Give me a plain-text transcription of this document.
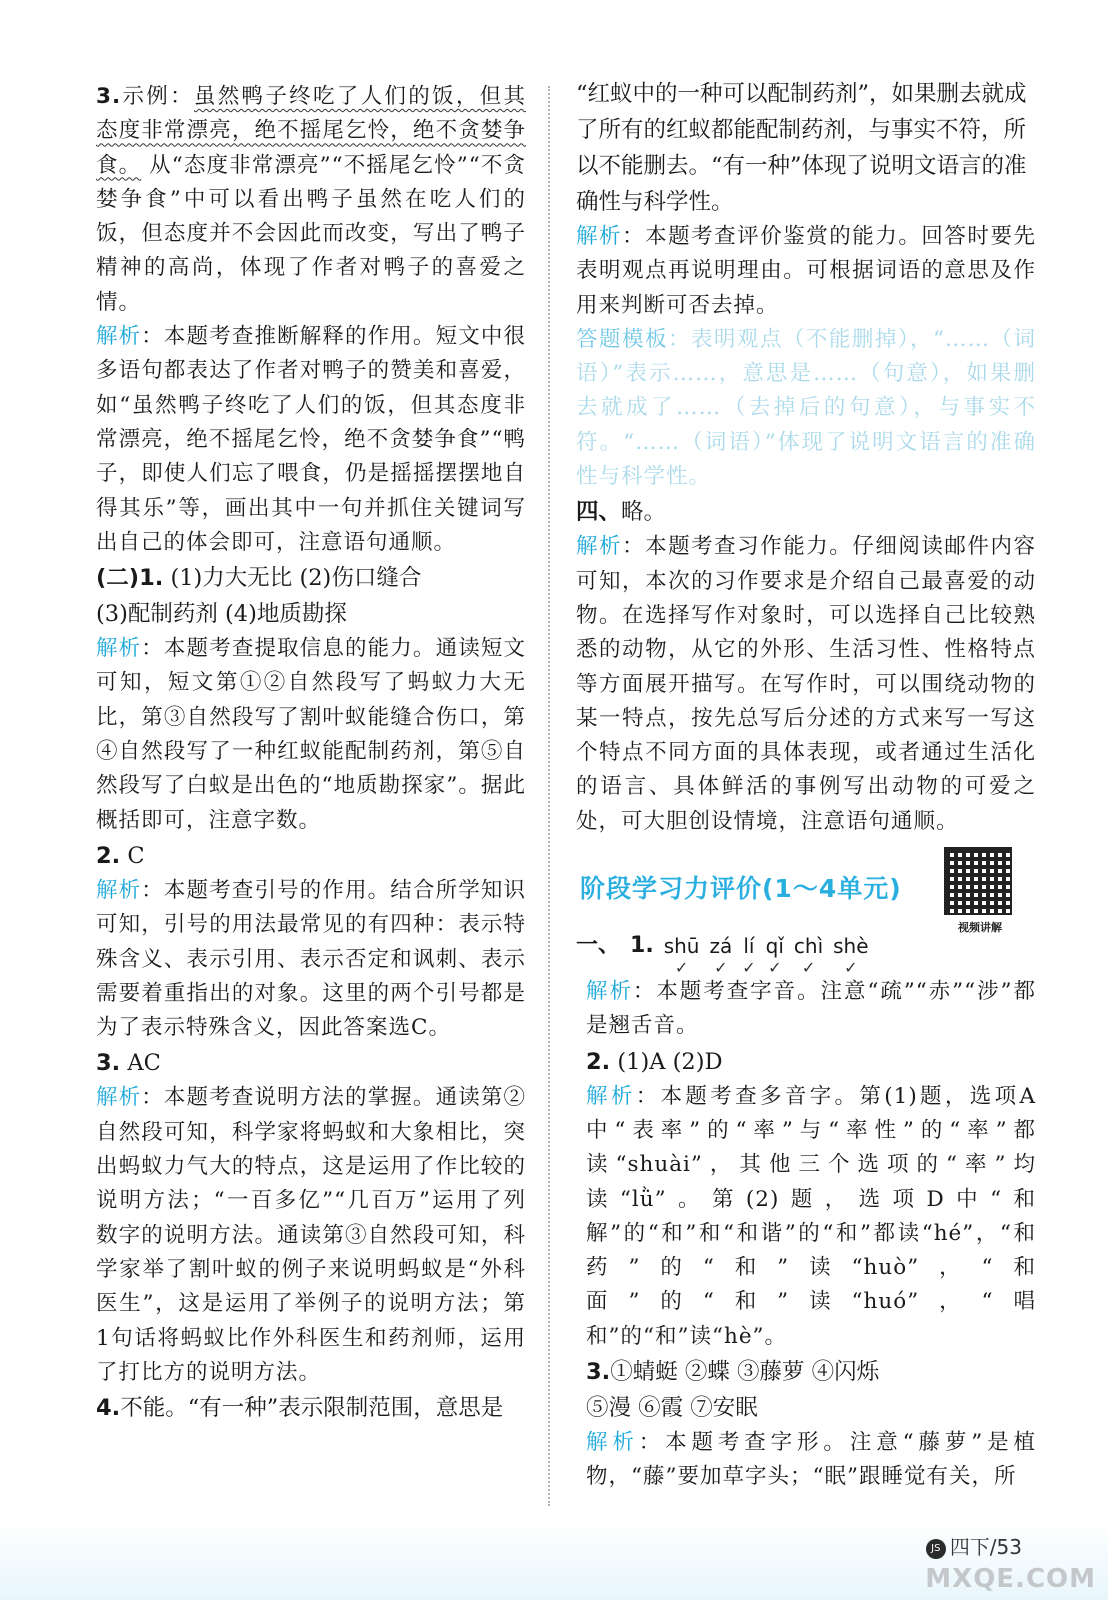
3.示例：虽然鸭子终吃了人们的饭，但其态度非常漂亮，绝不摇尾乞怜，绝不贪婪争食。 从“态度非常漂亮”“不摇尾乞怜”“不贪婪争食”中可以看出鸭子虽然在吃人们的饭，但态度并不会因此而改变，写出了鸭子精神的高尚，体现了作者对鸭子的喜爱之情。

解析：本题考查推断解释的作用。短文中很多语句都表达了作者对鸭子的赞美和喜爱，如“虽然鸭子终吃了人们的饭，但其态度非常漂亮，绝不摇尾乞怜，绝不贪婪争食”“鸭子，即使人们忘了喂食，仍是摇摇摆摆地自得其乐”等，画出其中一句并抓住关键词写出自己的体会即可，注意语句通顺。

(二)1. (1)力大无比 (2)伤口缝合

(3)配制药剂 (4)地质勘探

解析：本题考查提取信息的能力。通读短文可知，短文第①②自然段写了蚂蚁力大无比，第③自然段写了割叶蚁能缝合伤口，第④自然段写了一种红蚁能配制药剂，第⑤自然段写了白蚁是出色的“地质勘探家”。据此概括即可，注意字数。

2. C

解析：本题考查引号的作用。结合所学知识可知，引号的用法最常见的有四种：表示特殊含义、表示引用、表示否定和讽刺、表示需要着重指出的对象。这里的两个引号都是为了表示特殊含义，因此答案选C。

3. AC

解析：本题考查说明方法的掌握。通读第②自然段可知，科学家将蚂蚁和大象相比，突出蚂蚁力气大的特点，这是运用了作比较的说明方法；“一百多亿”“几百万”运用了列数字的说明方法。通读第③自然段可知，科学家举了割叶蚁的例子来说明蚂蚁是“外科医生”，这是运用了举例子的说明方法；第1句话将蚂蚁比作外科医生和药剂师，运用了打比方的说明方法。

4.不能。“有一种”表示限制范围，意思是

“红蚁中的一种可以配制药剂”，如果删去就成了所有的红蚁都能配制药剂，与事实不符，所以不能删去。“有一种”体现了说明文语言的准确性与科学性。

解析：本题考查评价鉴赏的能力。回答时要先表明观点再说明理由。可根据词语的意思及作用来判断可否去掉。

答题模板：表明观点（不能删掉），“……（词语）”表示……，意思是……（句意），如果删去就成了……（去掉后的句意），与事实不符。“……（词语）”体现了说明文语言的准确性与科学性。

四、略。

解析：本题考查习作能力。仔细阅读邮件内容可知，本次的习作要求是介绍自己最喜爱的动物。在选择写作对象时，可以选择自己比较熟悉的动物，从它的外形、生活习性、性格特点等方面展开描写。在写作时，可以围绕动物的某一特点，按先总写后分述的方式来写一写这个特点不同方面的具体表现，或者通过生活化的语言、具体鲜活的事例写出动物的可爱之处，可大胆创设情境，注意语句通顺。

阶段学习力评价(1～4单元)
视频讲解
一、 1. shū
✓
zá
✓
lí
✓
qǐ
✓
chì
✓
shè
✓

解析：本题考查字音。注意“疏”“赤”“涉”都是翘舌音。

2. (1)A (2)D

解析：本题考查多音字。第(1)题，选项A中“表率”的“率”与“率性”的“率”都读“shuài”，其他三个选项的“率”均读“lǜ”。第(2)题，选项D中“和解”的“和”和“和谐”的“和”都读“hé”，“和药”的“和”读“huò”，“和面”的“和”读“huó”，“唱和”的“和”读“hè”。

3.①蜻蜓 ②蝶 ③藤萝 ④闪烁

⑤漫 ⑥霞 ⑦安眠

解析：本题考查字形。注意“藤萝”是植物，“藤”要加草字头；“眠”跟睡觉有关，所

JS 四下/53
MXQE.COM
